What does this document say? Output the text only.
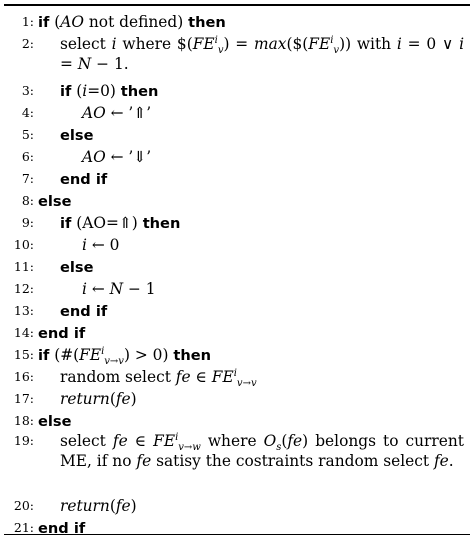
1: if (AO not defined) then
2: select i where $\$(FE^i_v)$ = $\max(\$(FE^i_v))$ with i = 0 ∨ i = N − 1.
3: if (i=0) then
4:	AO ← ’⇑’
5: else
6:	AO ← ’⇓’
7: end if
8: else
9: if (AO=⇑) then
10:	i ← 0
11: else
12:	i ← N − 1
13: end if
14: end if
15: if $(\#(FE^i_{v\to v}) > 0)$ then
16: random select fe ∈ $FE^i_{v\to v}$
17: return(fe)
18: else
19: select fe ∈ $FE^i_{v\to w}$ where $O_s(fe)$ belongs to current ME, if no fe satisy the costraints random select fe.
20: return(fe)
21: end if
